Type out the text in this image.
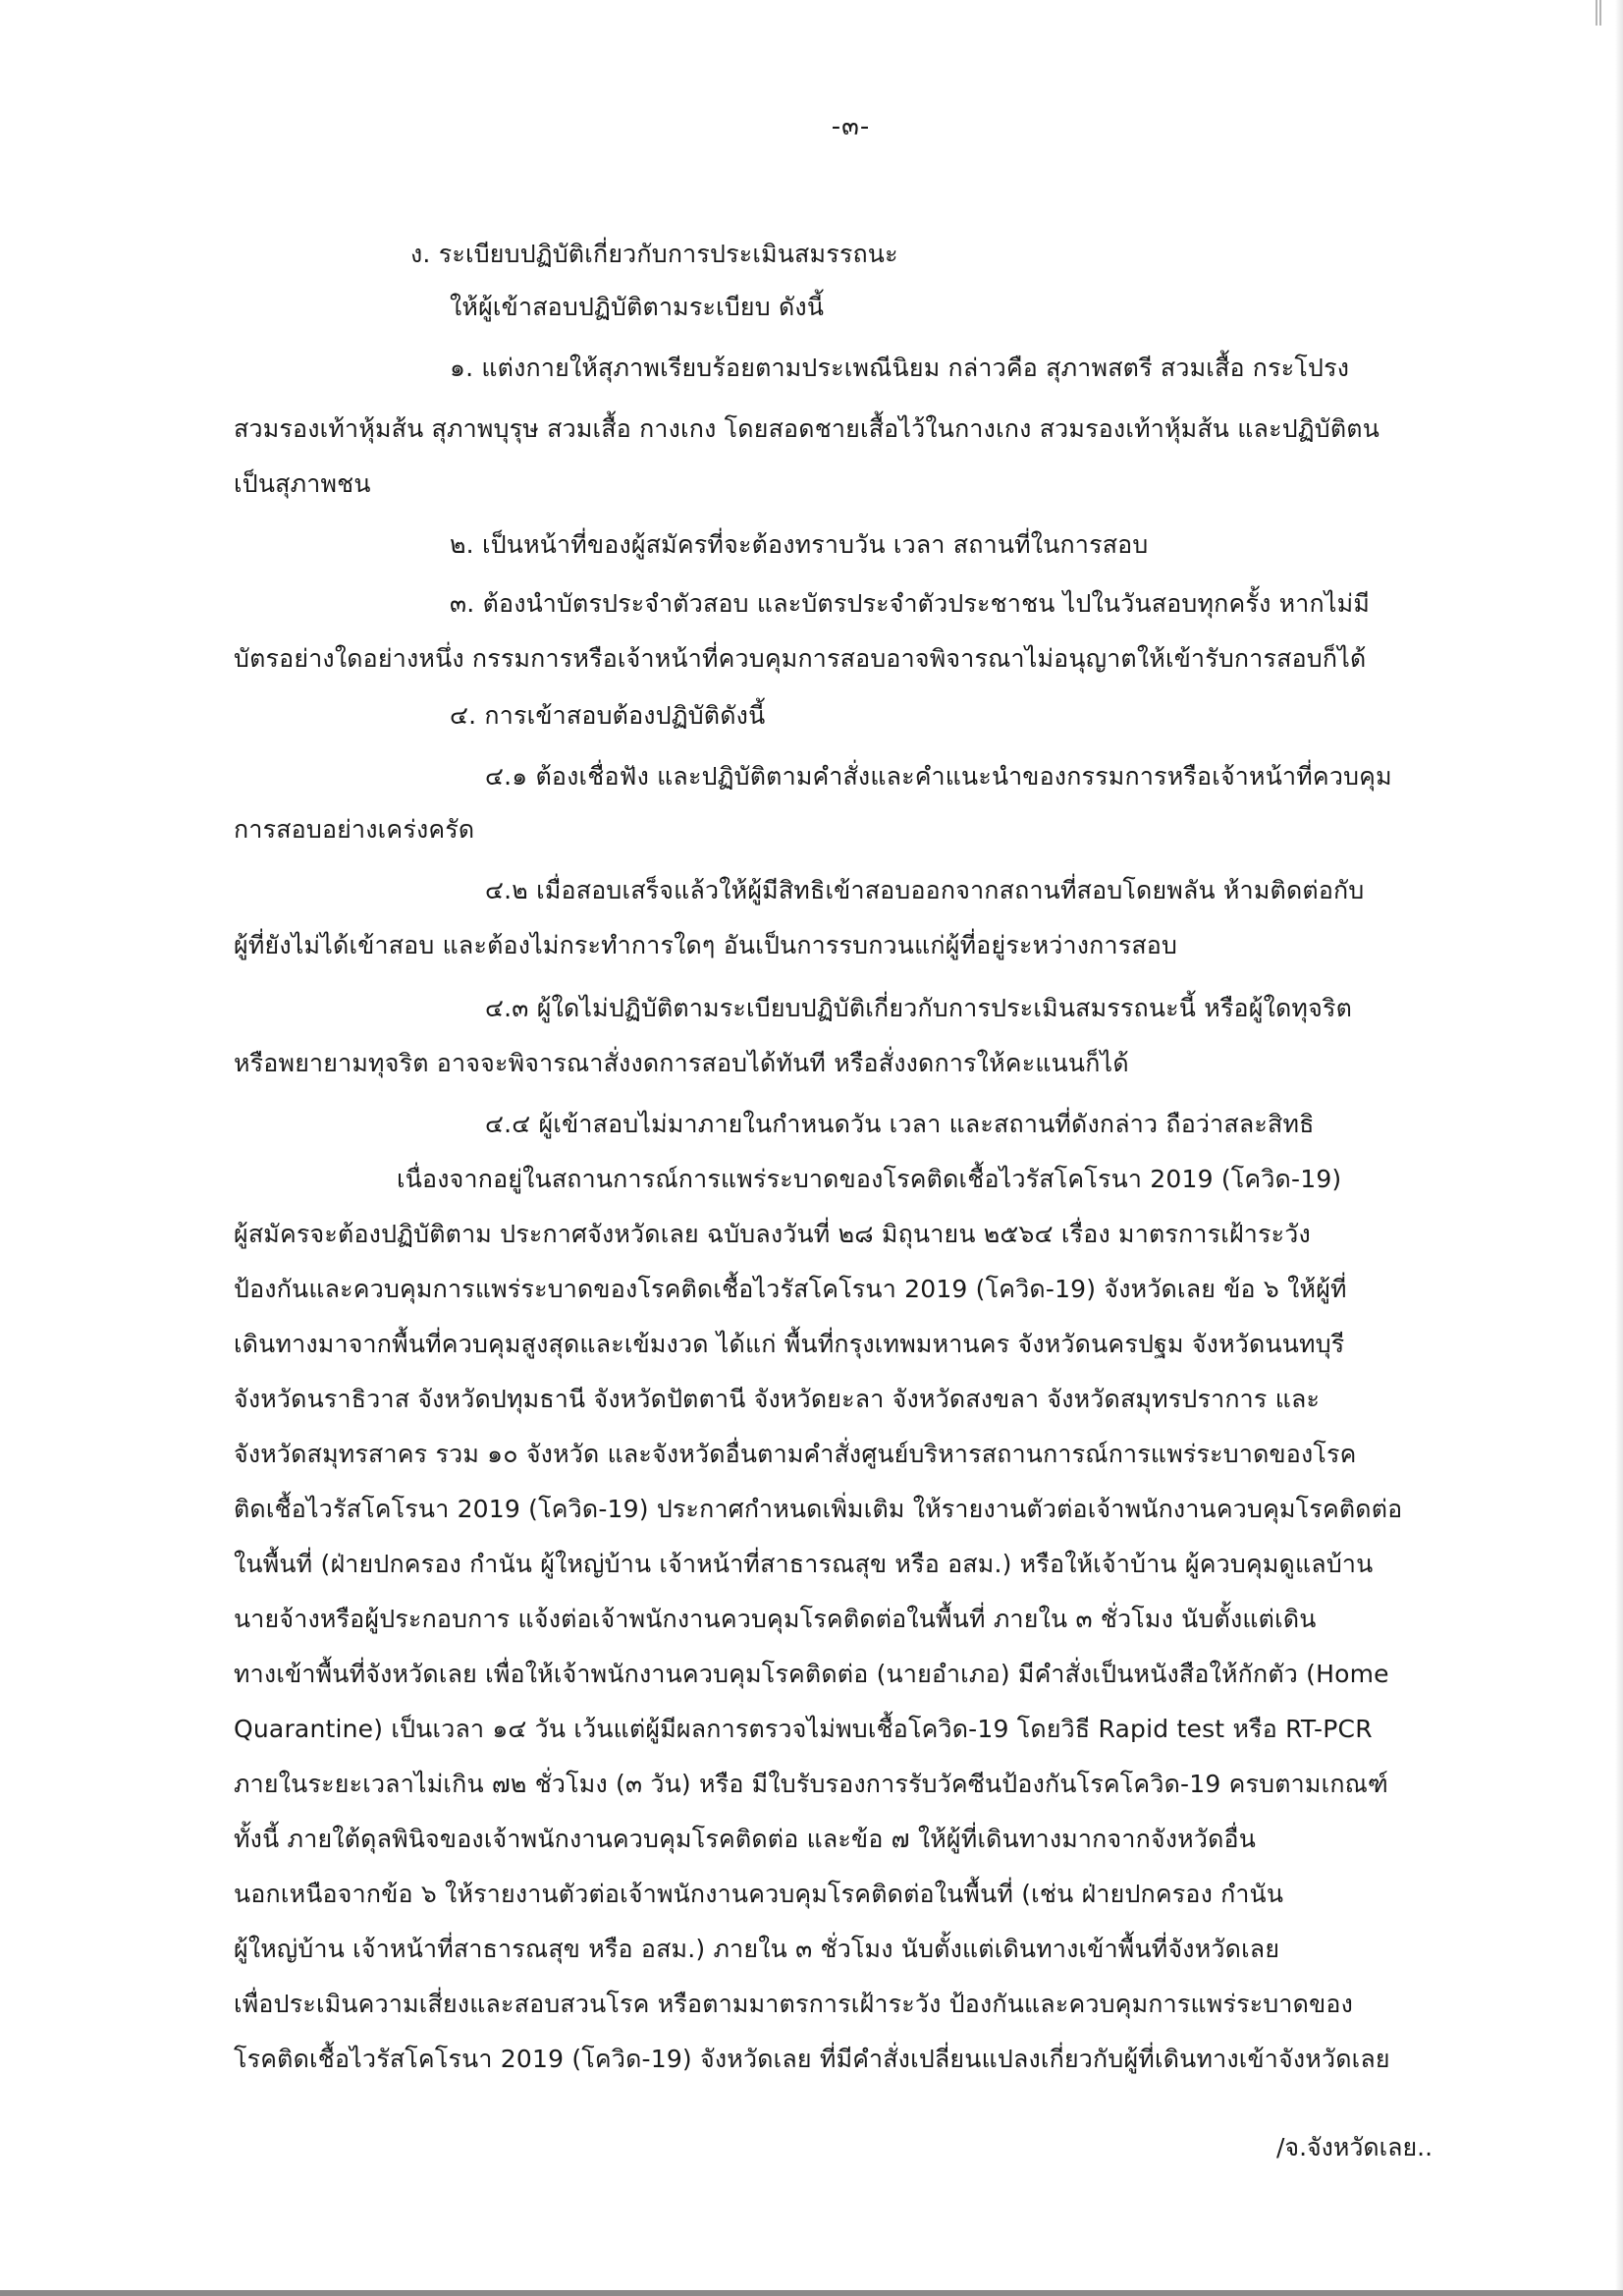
-๓-
ง. ระเบียบปฏิบัติเกี่ยวกับการประเมินสมรรถนะ
ให้ผู้เข้าสอบปฏิบัติตามระเบียบ ดังนี้
๑. แต่งกายให้สุภาพเรียบร้อยตามประเพณีนิยม กล่าวคือ สุภาพสตรี สวมเสื้อ กระโปรง
สวมรองเท้าหุ้มส้น สุภาพบุรุษ สวมเสื้อ กางเกง โดยสอดชายเสื้อไว้ในกางเกง สวมรองเท้าหุ้มส้น และปฏิบัติตน
เป็นสุภาพชน
๒. เป็นหน้าที่ของผู้สมัครที่จะต้องทราบวัน เวลา สถานที่ในการสอบ
๓. ต้องนำบัตรประจำตัวสอบ และบัตรประจำตัวประชาชน ไปในวันสอบทุกครั้ง หากไม่มี
บัตรอย่างใดอย่างหนึ่ง กรรมการหรือเจ้าหน้าที่ควบคุมการสอบอาจพิจารณาไม่อนุญาตให้เข้ารับการสอบก็ได้
๔. การเข้าสอบต้องปฏิบัติดังนี้
๔.๑ ต้องเชื่อฟัง และปฏิบัติตามคำสั่งและคำแนะนำของกรรมการหรือเจ้าหน้าที่ควบคุม
การสอบอย่างเคร่งครัด
๔.๒ เมื่อสอบเสร็จแล้วให้ผู้มีสิทธิเข้าสอบออกจากสถานที่สอบโดยพลัน ห้ามติดต่อกับ
ผู้ที่ยังไม่ได้เข้าสอบ และต้องไม่กระทำการใดๆ อันเป็นการรบกวนแก่ผู้ที่อยู่ระหว่างการสอบ
๔.๓ ผู้ใดไม่ปฏิบัติตามระเบียบปฏิบัติเกี่ยวกับการประเมินสมรรถนะนี้ หรือผู้ใดทุจริต
หรือพยายามทุจริต อาจจะพิจารณาสั่งงดการสอบได้ทันที หรือสั่งงดการให้คะแนนก็ได้
๔.๔ ผู้เข้าสอบไม่มาภายในกำหนดวัน เวลา และสถานที่ดังกล่าว ถือว่าสละสิทธิ
เนื่องจากอยู่ในสถานการณ์การแพร่ระบาดของโรคติดเชื้อไวรัสโคโรนา 2019 (โควิด-19)
ผู้สมัครจะต้องปฏิบัติตาม ประกาศจังหวัดเลย ฉบับลงวันที่ ๒๘ มิถุนายน ๒๕๖๔ เรื่อง มาตรการเฝ้าระวัง
ป้องกันและควบคุมการแพร่ระบาดของโรคติดเชื้อไวรัสโคโรนา 2019 (โควิด-19) จังหวัดเลย ข้อ ๖ ให้ผู้ที่
เดินทางมาจากพื้นที่ควบคุมสูงสุดและเข้มงวด ได้แก่ พื้นที่กรุงเทพมหานคร จังหวัดนครปฐม จังหวัดนนทบุรี
จังหวัดนราธิวาส จังหวัดปทุมธานี จังหวัดปัตตานี จังหวัดยะลา จังหวัดสงขลา จังหวัดสมุทรปราการ และ
จังหวัดสมุทรสาคร รวม ๑๐ จังหวัด และจังหวัดอื่นตามคำสั่งศูนย์บริหารสถานการณ์การแพร่ระบาดของโรค
ติดเชื้อไวรัสโคโรนา 2019 (โควิด-19) ประกาศกำหนดเพิ่มเติม ให้รายงานตัวต่อเจ้าพนักงานควบคุมโรคติดต่อ
ในพื้นที่ (ฝ่ายปกครอง กำนัน ผู้ใหญ่บ้าน เจ้าหน้าที่สาธารณสุข หรือ อสม.) หรือให้เจ้าบ้าน ผู้ควบคุมดูแลบ้าน
นายจ้างหรือผู้ประกอบการ แจ้งต่อเจ้าพนักงานควบคุมโรคติดต่อในพื้นที่ ภายใน ๓ ชั่วโมง นับตั้งแต่เดิน
ทางเข้าพื้นที่จังหวัดเลย เพื่อให้เจ้าพนักงานควบคุมโรคติดต่อ (นายอำเภอ) มีคำสั่งเป็นหนังสือให้กักตัว (Home
Quarantine) เป็นเวลา ๑๔ วัน เว้นแต่ผู้มีผลการตรวจไม่พบเชื้อโควิด-19 โดยวิธี Rapid test หรือ RT-PCR
ภายในระยะเวลาไม่เกิน ๗๒ ชั่วโมง (๓ วัน) หรือ มีใบรับรองการรับวัคซีนป้องกันโรคโควิด-19 ครบตามเกณฑ์
ทั้งนี้ ภายใต้ดุลพินิจของเจ้าพนักงานควบคุมโรคติดต่อ และข้อ ๗ ให้ผู้ที่เดินทางมากจากจังหวัดอื่น
นอกเหนือจากข้อ ๖ ให้รายงานตัวต่อเจ้าพนักงานควบคุมโรคติดต่อในพื้นที่ (เช่น ฝ่ายปกครอง กำนัน
ผู้ใหญ่บ้าน เจ้าหน้าที่สาธารณสุข หรือ อสม.) ภายใน ๓ ชั่วโมง นับตั้งแต่เดินทางเข้าพื้นที่จังหวัดเลย
เพื่อประเมินความเสี่ยงและสอบสวนโรค หรือตามมาตรการเฝ้าระวัง ป้องกันและควบคุมการแพร่ระบาดของ
โรคติดเชื้อไวรัสโคโรนา 2019 (โควิด-19) จังหวัดเลย ที่มีคำสั่งเปลี่ยนแปลงเกี่ยวกับผู้ที่เดินทางเข้าจังหวัดเลย
/จ.จังหวัดเลย..
